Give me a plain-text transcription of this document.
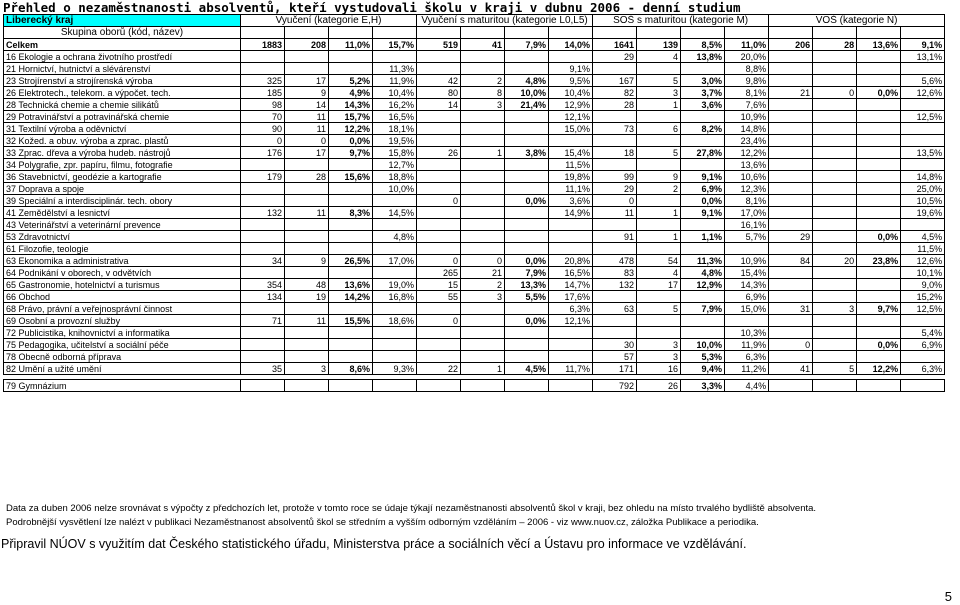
Přehled o nezaměstnanosti absolventů, kteří vystudovali školu v kraji v dubnu 2006 - denní studium
Liberecký kraj	Vyučení (kategorie E,H)				Vyučení s maturitou (kategorie L0,L5)				SOŠ s maturitou (kategorie M)				VOŠ (kategorie N)			
Skupina oborů (kód, název)	

Celkem	1883	208	11,0%	15,7%	519	41	7,9%	14,0%	1641	139	8,5%	11,0%	206	28	13,6%	9,1%
16 Ekologie a ochrana životního prostředí									29	4	13,8%	20,0%				13,1%
21 Hornictví, hutnictví a slévárenství				11,3%				9,1%				8,8%				
23 Strojírenství a strojírenská výroba	325	17	5,2%	11,9%	42	2	4,8%	9,5%	167	5	3,0%	9,8%				5,6%
26 Elektrotech., telekom. a výpočet. tech.	185	9	4,9%	10,4%	80	8	10,0%	10,4%	82	3	3,7%	8,1%	21	0	0,0%	12,6%
28 Technická chemie a chemie silikátů	98	14	14,3%	16,2%	14	3	21,4%	12,9%	28	1	3,6%	7,6%				
29 Potravinářství a potravinářská chemie	70	11	15,7%	16,5%				12,1%				10,9%				12,5%
31 Textilní výroba a oděvnictví	90	11	12,2%	18,1%				15,0%	73	6	8,2%	14,8%				
32 Kožed. a obuv. výroba a zprac. plastů	0	0	0,0%	19,5%								23,4%				
33 Zprac. dřeva a výroba hudeb. nástrojů	176	17	9,7%	15,8%	26	1	3,8%	15,4%	18	5	27,8%	12,2%				13,5%
34 Polygrafie, zpr. papíru, filmu, fotografie				12,7%				11,5%				13,6%				
36 Stavebnictví, geodézie a kartografie	179	28	15,6%	18,8%				19,8%	99	9	9,1%	10,6%				14,8%
37 Doprava a spoje				10,0%				11,1%	29	2	6,9%	12,3%				25,0%
39 Speciální a interdisciplinár. tech. obory					0		0,0%	3,6%	0		0,0%	8,1%				10,5%
41 Zemědělství a lesnictví	132	11	8,3%	14,5%				14,9%	11	1	9,1%	17,0%				19,6%
43 Veterinářství a veterinární prevence												16,1%				
53 Zdravotnictví				4,8%					91	1	1,1%	5,7%	29		0,0%	4,5%
61 Filozofie, teologie																11,5%
63 Ekonomika a administrativa	34	9	26,5%	17,0%	0	0	0,0%	20,8%	478	54	11,3%	10,9%	84	20	23,8%	12,6%
64 Podnikání v oborech, v odvětvích					265	21	7,9%	16,5%	83	4	4,8%	15,4%				10,1%
65 Gastronomie, hotelnictví a turismus	354	48	13,6%	19,0%	15	2	13,3%	14,7%	132	17	12,9%	14,3%				9,0%
66 Obchod	134	19	14,2%	16,8%	55	3	5,5%	17,6%				6,9%				15,2%
68 Právo, právní a veřejnosprávní činnost								6,3%	63	5	7,9%	15,0%	31	3	9,7%	12,5%
69 Osobní a provozní služby	71	11	15,5%	18,6%	0		0,0%	12,1%								
72 Publicistika, knihovnictví a informatika												10,3%				5,4%
75 Pedagogika, učitelství a sociální péče									30	3	10,0%	11,9%	0		0,0%	6,9%
78 Obecně odborná příprava									57	3	5,3%	6,3%				
82 Umění a užité umění	35	3	8,6%	9,3%	22	1	4,5%	11,7%	171	16	9,4%	11,2%	41	5	12,2%	6,3%

79 Gymnázium									792	26	3,3%	4,4%				
Data za duben 2006 nelze srovnávat s výpočty z předchozích let, protože v tomto roce se údaje týkají nezaměstnanosti absolventů škol v kraji, bez ohledu na místo trvalého bydliště absolventa.
Podrobnější vysvětlení lze nalézt v publikaci Nezaměstnanost absolventů škol se středním a vyšším odborným vzděláním – 2006 - viz www.nuov.cz, záložka Publikace a periodika.
Připravil NÚOV s využitím dat Českého statistického úřadu, Ministerstva práce a sociálních věcí a Ústavu pro informace ve vzdělávání.
5
